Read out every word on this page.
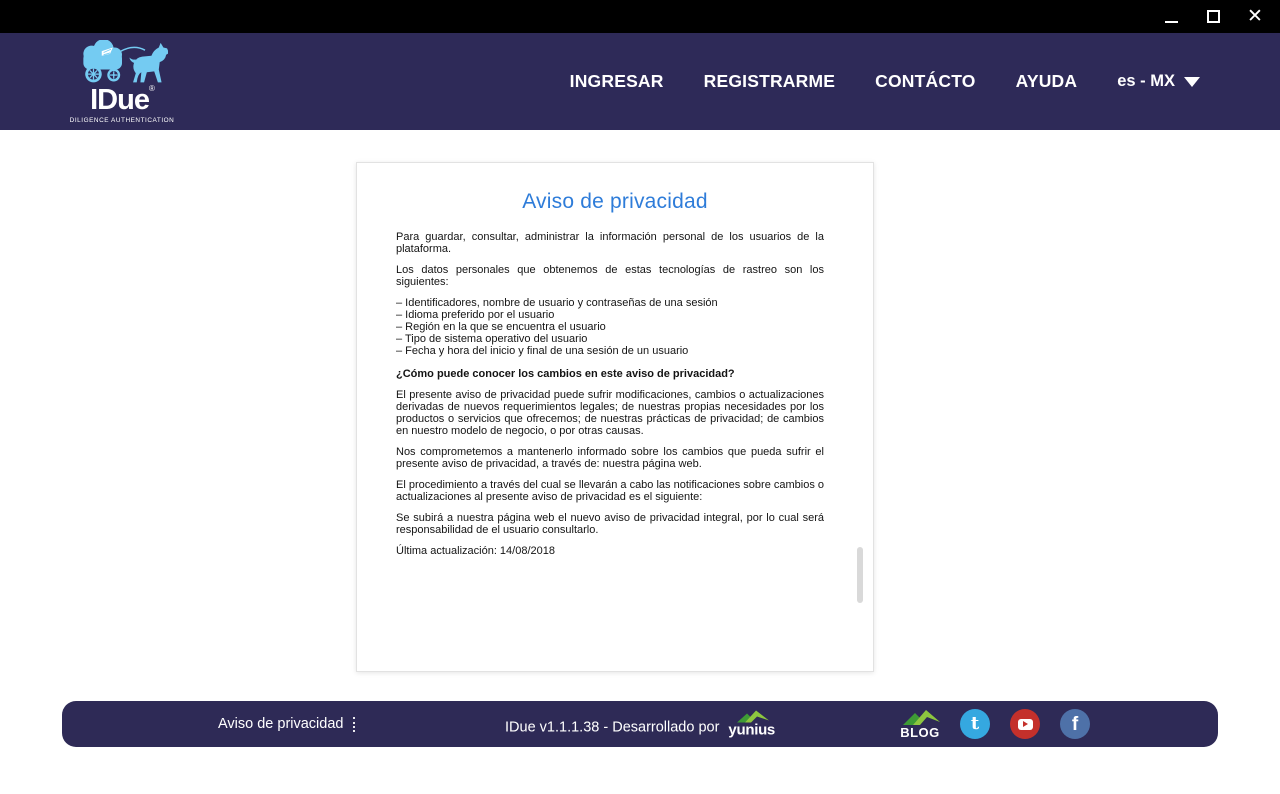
✕
IDue®
DILIGENCE AUTHENTICATION
INGRESAR REGISTRARME CONTÁCTO AYUDA es - MX
Aviso de privacidad

Para guardar, consultar, administrar la información personal de los usuarios de la plataforma.

Los datos personales que obtenemos de estas tecnologías de rastreo son los siguientes:

– Identificadores, nombre de usuario y contraseñas de una sesión
– Idioma preferido por el usuario
– Región en la que se encuentra el usuario
– Tipo de sistema operativo del usuario
– Fecha y hora del inicio y final de una sesión de un usuario

¿Cómo puede conocer los cambios en este aviso de privacidad?

El presente aviso de privacidad puede sufrir modificaciones, cambios o actualizaciones derivadas de nuevos requerimientos legales; de nuestras propias necesidades por los productos o servicios que ofrecemos; de nuestras prácticas de privacidad; de cambios en nuestro modelo de negocio, o por otras causas.

Nos comprometemos a mantenerlo informado sobre los cambios que pueda sufrir el presente aviso de privacidad, a través de: nuestra página web.

El procedimiento a través del cual se llevarán a cabo las notificaciones sobre cambios o actualizaciones al presente aviso de privacidad es el siguiente:

Se subirá a nuestra página web el nuevo aviso de privacidad integral, por lo cual será responsabilidad de el usuario consultarlo.

Última actualización: 14/08/2018

Aviso de privacidad	IDue v1.1.1.38 - Desarrollado por yunius	BLOG t	f
